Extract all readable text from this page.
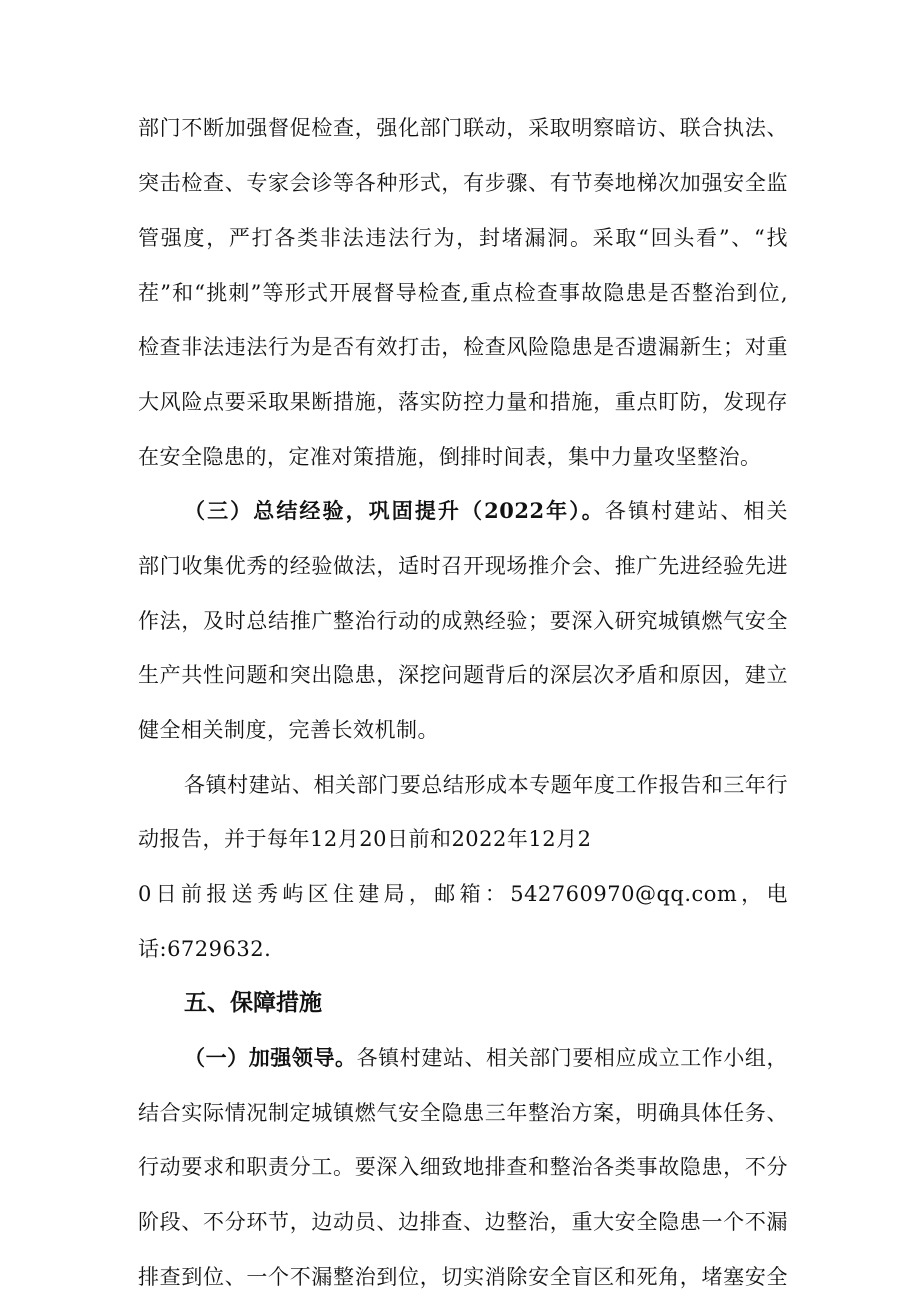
部门不断加强督促检查，强化部门联动，采取明察暗访、联合执法、
突击检查、专家会诊等各种形式，有步骤、有节奏地梯次加强安全监
管强度，严打各类非法违法行为，封堵漏洞。采取“回头看”、“找
茬”和“挑刺”等形式开展督导检查,重点检查事故隐患是否整治到位,
检查非法违法行为是否有效打击，检查风险隐患是否遗漏新生；对重
大风险点要采取果断措施，落实防控力量和措施，重点盯防，发现存
在安全隐患的，定准对策措施，倒排时间表，集中力量攻坚整治。
（三）总结经验，巩固提升（2022年）。各镇村建站、相关
部门收集优秀的经验做法，适时召开现场推介会、推广先进经验先进
作法，及时总结推广整治行动的成熟经验；要深入研究城镇燃气安全
生产共性问题和突出隐患，深挖问题背后的深层次矛盾和原因，建立
健全相关制度，完善长效机制。
各镇村建站、相关部门要总结形成本专题年度工作报告和三年行
动报告，并于每年12月20日前和2022年12月2
0日前报送秀屿区住建局，邮箱：542760970@qq.com，电
话:6729632.
五、保障措施
（一）加强领导。各镇村建站、相关部门要相应成立工作小组，
结合实际情况制定城镇燃气安全隐患三年整治方案，明确具体任务、
行动要求和职责分工。要深入细致地排查和整治各类事故隐患，不分
阶段、不分环节，边动员、边排查、边整治，重大安全隐患一个不漏
排查到位、一个不漏整治到位，切实消除安全盲区和死角，堵塞安全
